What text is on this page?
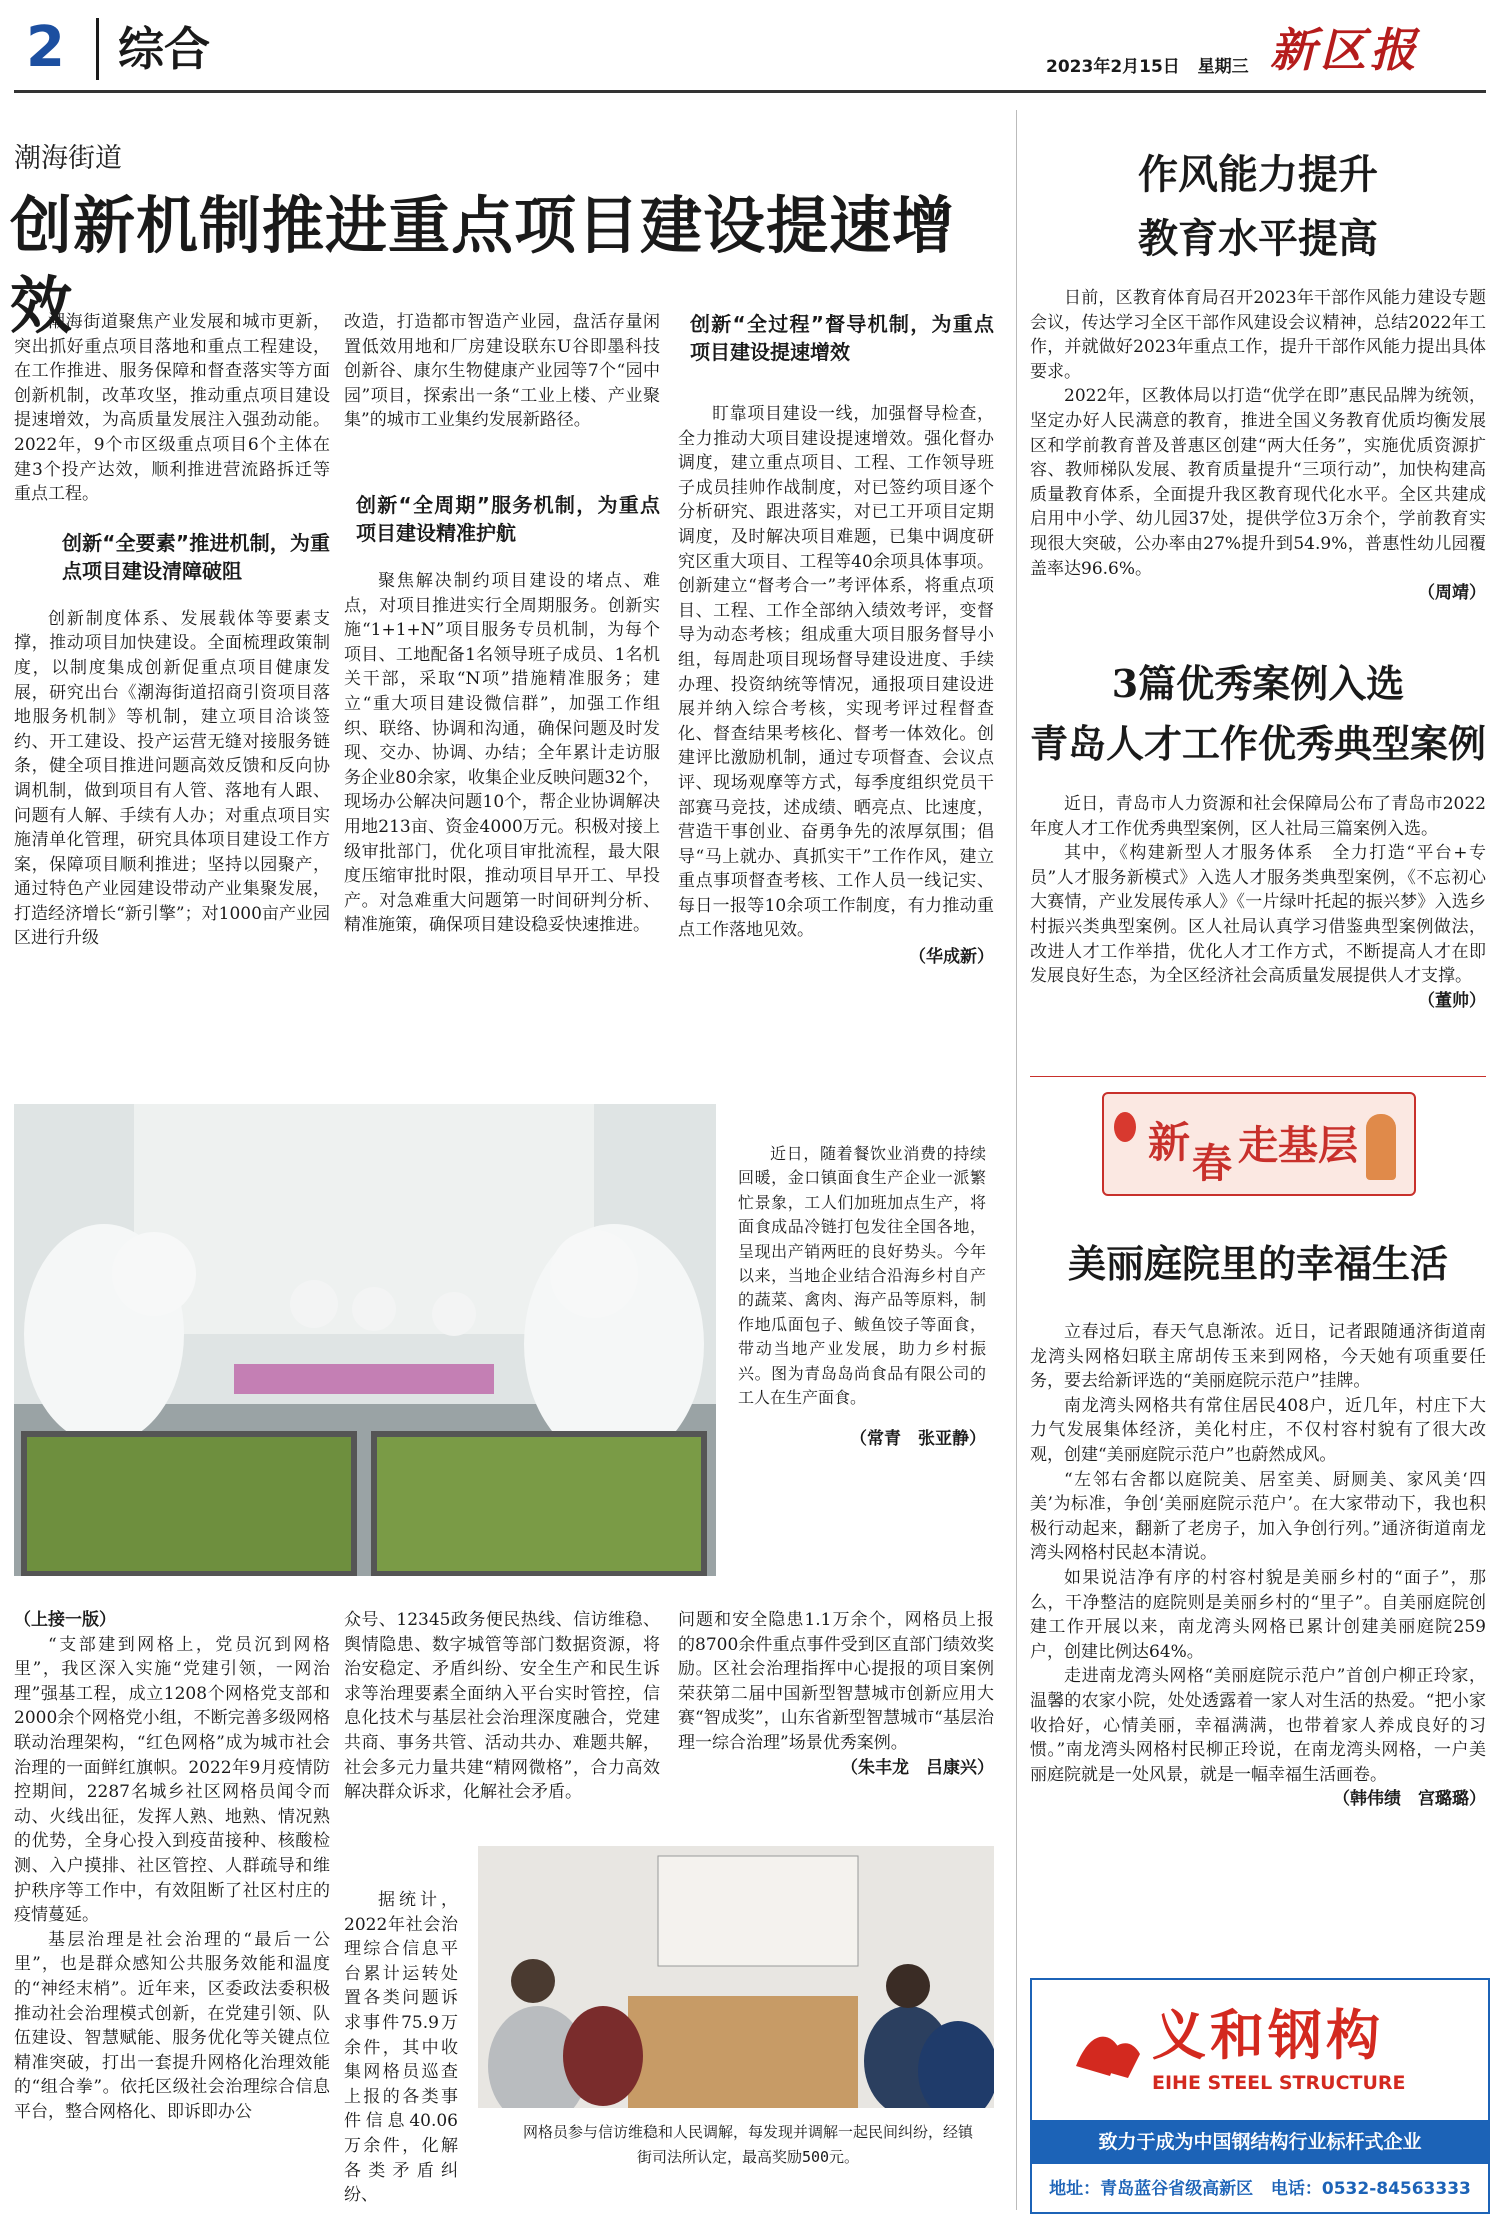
2 综合	2023年2月15日 星期三 新区报
潮海街道
创新机制推进重点项目建设提速增效

潮海街道聚焦产业发展和城市更新，突出抓好重点项目落地和重点工程建设，在工作推进、服务保障和督查落实等方面创新机制，改革攻坚，推动重点项目建设提速增效，为高质量发展注入强劲动能。2022年，9个市区级重点项目6个主体在建3个投产达效，顺利推进营流路拆迁等重点工程。

创新“全要素”推进机制，为重点项目建设清障破阻

创新制度体系、发展载体等要素支撑，推动项目加快建设。全面梳理政策制度，以制度集成创新促重点项目健康发展，研究出台《潮海街道招商引资项目落地服务机制》等机制，建立项目洽谈签约、开工建设、投产运营无缝对接服务链条，健全项目推进问题高效反馈和反向协调机制，做到项目有人管、落地有人跟、问题有人解、手续有人办；对重点项目实施清单化管理，研究具体项目建设工作方案，保障项目顺利推进；坚持以园聚产，通过特色产业园建设带动产业集聚发展，打造经济增长“新引擎”；对1000亩产业园区进行升级

改造，打造都市智造产业园，盘活存量闲置低效用地和厂房建设联东U谷即墨科技创新谷、康尔生物健康产业园等7个“园中园”项目，探索出一条“工业上楼、产业聚集”的城市工业集约发展新路径。

创新“全周期”服务机制，为重点项目建设精准护航

聚焦解决制约项目建设的堵点、难点，对项目推进实行全周期服务。创新实施“1+1+N”项目服务专员机制，为每个项目、工地配备1名领导班子成员、1名机关干部，采取“N项”措施精准服务；建立“重大项目建设微信群”，加强工作组织、联络、协调和沟通，确保问题及时发现、交办、协调、办结；全年累计走访服务企业80余家，收集企业反映问题32个，现场办公解决问题10个，帮企业协调解决用地213亩、资金4000万元。积极对接上级审批部门，优化项目审批流程，最大限度压缩审批时限，推动项目早开工、早投产。对急难重大问题第一时间研判分析、精准施策，确保项目建设稳妥快速推进。

创新“全过程”督导机制，为重点项目建设提速增效

盯靠项目建设一线，加强督导检查，全力推动大项目建设提速增效。强化督办调度，建立重点项目、工程、工作领导班子成员挂帅作战制度，对已签约项目逐个分析研究、跟进落实，对已工开项目定期调度，及时解决项目难题，已集中调度研究区重大项目、工程等40余项具体事项。创新建立“督考合一”考评体系，将重点项目、工程、工作全部纳入绩效考评，变督导为动态考核；组成重大项目服务督导小组，每周赴项目现场督导建设进度、手续办理、投资纳统等情况，通报项目建设进展并纳入综合考核，实现考评过程督查化、督查结果考核化、督考一体效化。创建评比激励机制，通过专项督查、会议点评、现场观摩等方式，每季度组织党员干部赛马竞技，述成绩、晒亮点、比速度，营造干事创业、奋勇争先的浓厚氛围；倡导“马上就办、真抓实干”工作作风，建立重点事项督查考核、工作人员一线记实、每日一报等10余项工作制度，有力推动重点工作落地见效。

（华成新）
作风能力提升
教育水平提高

日前，区教育体育局召开2023年干部作风能力建设专题会议，传达学习全区干部作风建设会议精神，总结2022年工作，并就做好2023年重点工作，提升干部作风能力提出具体要求。

2022年，区教体局以打造“优学在即”惠民品牌为统领，坚定办好人民满意的教育，推进全国义务教育优质均衡发展区和学前教育普及普惠区创建“两大任务”，实施优质资源扩容、教师梯队发展、教育质量提升“三项行动”，加快构建高质量教育体系，全面提升我区教育现代化水平。全区共建成启用中小学、幼儿园37处，提供学位3万余个，学前教育实现很大突破，公办率由27%提升到54.9%，普惠性幼儿园覆盖率达96.6%。

（周靖）
3篇优秀案例入选
青岛人才工作优秀典型案例

近日，青岛市人力资源和社会保障局公布了青岛市2022年度人才工作优秀典型案例，区人社局三篇案例入选。

其中，《构建新型人才服务体系　全力打造“平台+专员”人才服务新模式》入选人才服务类典型案例，《不忘初心大赛情，产业发展传承人》《一片绿叶托起的振兴梦》入选乡村振兴类典型案例。区人社局认真学习借鉴典型案例做法，改进人才工作举措，优化人才工作方式，不断提高人才在即发展良好生态，为全区经济社会高质量发展提供人才支撑。

（董帅）

近日，随着餐饮业消费的持续回暖，金口镇面食生产企业一派繁忙景象，工人们加班加点生产，将面食成品冷链打包发往全国各地，呈现出产销两旺的良好势头。今年以来，当地企业结合沿海乡村自产的蔬菜、禽肉、海产品等原料，制作地瓜面包子、鲅鱼饺子等面食，带动当地产业发展，助力乡村振兴。图为青岛岛尚食品有限公司的工人在生产面食。

（常青　张亚静）
新 春 走基层
美丽庭院里的幸福生活

立春过后，春天气息渐浓。近日，记者跟随通济街道南龙湾头网格妇联主席胡传玉来到网格，今天她有项重要任务，要去给新评选的“美丽庭院示范户”挂牌。

南龙湾头网格共有常住居民408户，近几年，村庄下大力气发展集体经济，美化村庄，不仅村容村貌有了很大改观，创建“美丽庭院示范户”也蔚然成风。

“左邻右舍都以庭院美、居室美、厨厕美、家风美‘四美’为标准，争创‘美丽庭院示范户’。在大家带动下，我也积极行动起来，翻新了老房子，加入争创行列。”通济街道南龙湾头网格村民赵本清说。

如果说洁净有序的村容村貌是美丽乡村的“面子”，那么，干净整洁的庭院则是美丽乡村的“里子”。自美丽庭院创建工作开展以来，南龙湾头网格已累计创建美丽庭院259户，创建比例达64%。

走进南龙湾头网格“美丽庭院示范户”首创户柳正玲家，温馨的农家小院，处处透露着一家人对生活的热爱。“把小家收拾好，心情美丽，幸福满满，也带着家人养成良好的习惯。”南龙湾头网格村民柳正玲说，在南龙湾头网格，一户美丽庭院就是一处风景，就是一幅幸福生活画卷。

（韩伟绩　宫璐璐）
（上接一版）

“支部建到网格上，党员沉到网格里”，我区深入实施“党建引领，一网治理”强基工程，成立1208个网格党支部和2000余个网格党小组，不断完善多级网格联动治理架构，“红色网格”成为城市社会治理的一面鲜红旗帜。2022年9月疫情防控期间，2287名城乡社区网格员闻令而动、火线出征，发挥人熟、地熟、情况熟的优势，全身心投入到疫苗接种、核酸检测、入户摸排、社区管控、人群疏导和维护秩序等工作中，有效阻断了社区村庄的疫情蔓延。

基层治理是社会治理的“最后一公里”，也是群众感知公共服务效能和温度的“神经末梢”。近年来，区委政法委积极推动社会治理模式创新，在党建引领、队伍建设、智慧赋能、服务优化等关键点位精准突破，打出一套提升网格化治理效能的“组合拳”。依托区级社会治理综合信息平台，整合网格化、即诉即办公

众号、12345政务便民热线、信访维稳、舆情隐患、数字城管等部门数据资源，将治安稳定、矛盾纠纷、安全生产和民生诉求等治理要素全面纳入平台实时管控，信息化技术与基层社会治理深度融合，党建共商、事务共管、活动共办、难题共解，社会多元力量共建“精网微格”，合力高效解决群众诉求，化解社会矛盾。

据统计，2022年社会治理综合信息平台累计运转处置各类问题诉求事件75.9万余件，其中收集网格员巡查上报的各类事件信息40.06万余件，化解各类矛盾纠纷、

问题和安全隐患1.1万余个，网格员上报的8700余件重点事件受到区直部门绩效奖励。区社会治理指挥中心提报的项目案例荣获第二届中国新型智慧城市创新应用大赛“智成奖”，山东省新型智慧城市“基层治理一综合治理”场景优秀案例。

（朱丰龙　吕康兴）
网格员参与信访维稳和人民调解，每发现并调解一起民间纠纷，经镇街司法所认定，最高奖励500元。
义和钢构
EIHE STEEL STRUCTURE
致力于成为中国钢结构行业标杆式企业
地址：青岛蓝谷省级高新区 电话：0532-84563333
